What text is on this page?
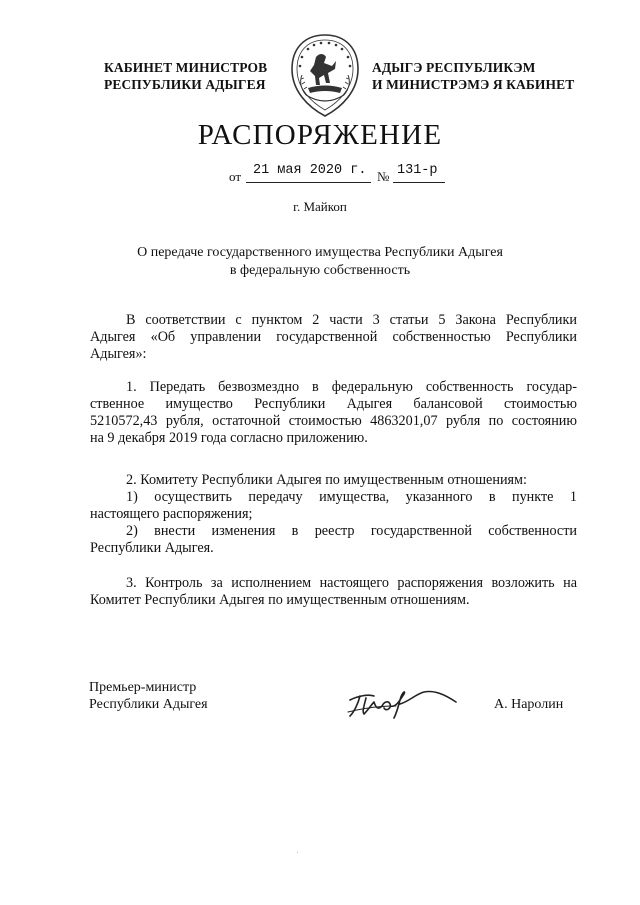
КАБИНЕТ МИНИСТРОВ
РЕСПУБЛИКИ АДЫГЕЯ
АДЫГЭ РЕСПУБЛИКЭМ
И МИНИСТРЭМЭ Я КАБИНЕТ
РАСПОРЯЖЕНИЕ
от 21 мая 2020 г. № 131-р
г. Майкоп
О передаче государственного имущества Республики Адыгея
в федеральную собственность
В соответствии с пунктом 2 части 3 статьи 5 Закона Республики
Адыгея «Об управлении государственной собственностью Республики
Адыгея»:
1. Передать безвозмездно в федеральную собственность государ-
ственное имущество Республики Адыгея балансовой стоимостью
5210572,43 рубля, остаточной стоимостью 4863201,07 рубля по состоянию
на 9 декабря 2019 года согласно приложению.
2. Комитету Республики Адыгея по имущественным отношениям:
1) осуществить передачу имущества, указанного в пункте 1
настоящего распоряжения;
2) внести изменения в реестр государственной собственности
Республики Адыгея.
3. Контроль за исполнением настоящего распоряжения возложить на
Комитет Республики Адыгея по имущественным отношениям.
Премьер-министр
Республики Адыгея	А. Наролин
